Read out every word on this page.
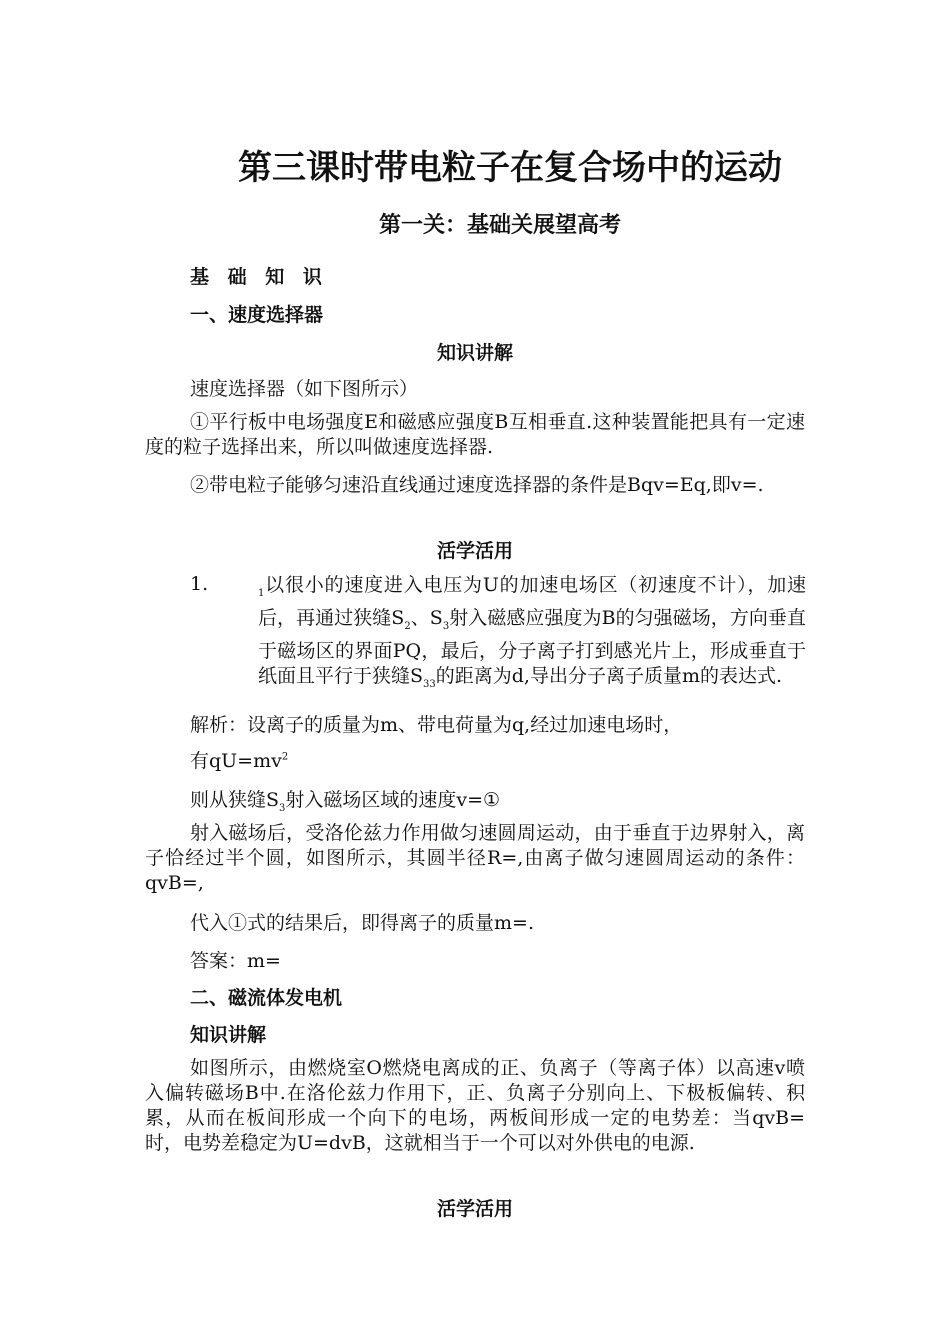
第三课时带电粒子在复合场中的运动
第一关：基础关展望高考
基 础 知 识
一、速度选择器
知识讲解
速度选择器（如下图所示）
①平行板中电场强度E和磁感应强度B互相垂直.这种装置能把具有一定速度的粒子选择出来，所以叫做速度选择器.
②带电粒子能够匀速沿直线通过速度选择器的条件是Bqv=Eq,即v=.
活学活用
1.	$_1$以很小的速度进入电压为U的加速电场区（初速度不计），加速后，再通过狭缝$S_2$、$S_3$射入磁感应强度为B的匀强磁场，方向垂直于磁场区的界面PQ，最后，分子离子打到感光片上，形成垂直于纸面且平行于狭缝$S_{33}$的距离为d,导出分子离子质量m的表达式.
解析：设离子的质量为m、带电荷量为q,经过加速电场时，
有$qU=mv^2$
则从狭缝$S_3$射入磁场区域的速度v=①
射入磁场后，受洛伦兹力作用做匀速圆周运动，由于垂直于边界射入，离子恰经过半个圆，如图所示，其圆半径R=,由离子做匀速圆周运动的条件：qvB=,
代入①式的结果后，即得离子的质量m=.
答案：m=
二、磁流体发电机
知识讲解
如图所示，由燃烧室O燃烧电离成的正、负离子（等离子体）以高速v喷入偏转磁场B中.在洛伦兹力作用下，正、负离子分别向上、下极板偏转、积累，从而在板间形成一个向下的电场，两板间形成一定的电势差：当qvB=时，电势差稳定为U=dvB，这就相当于一个可以对外供电的电源.
活学活用
